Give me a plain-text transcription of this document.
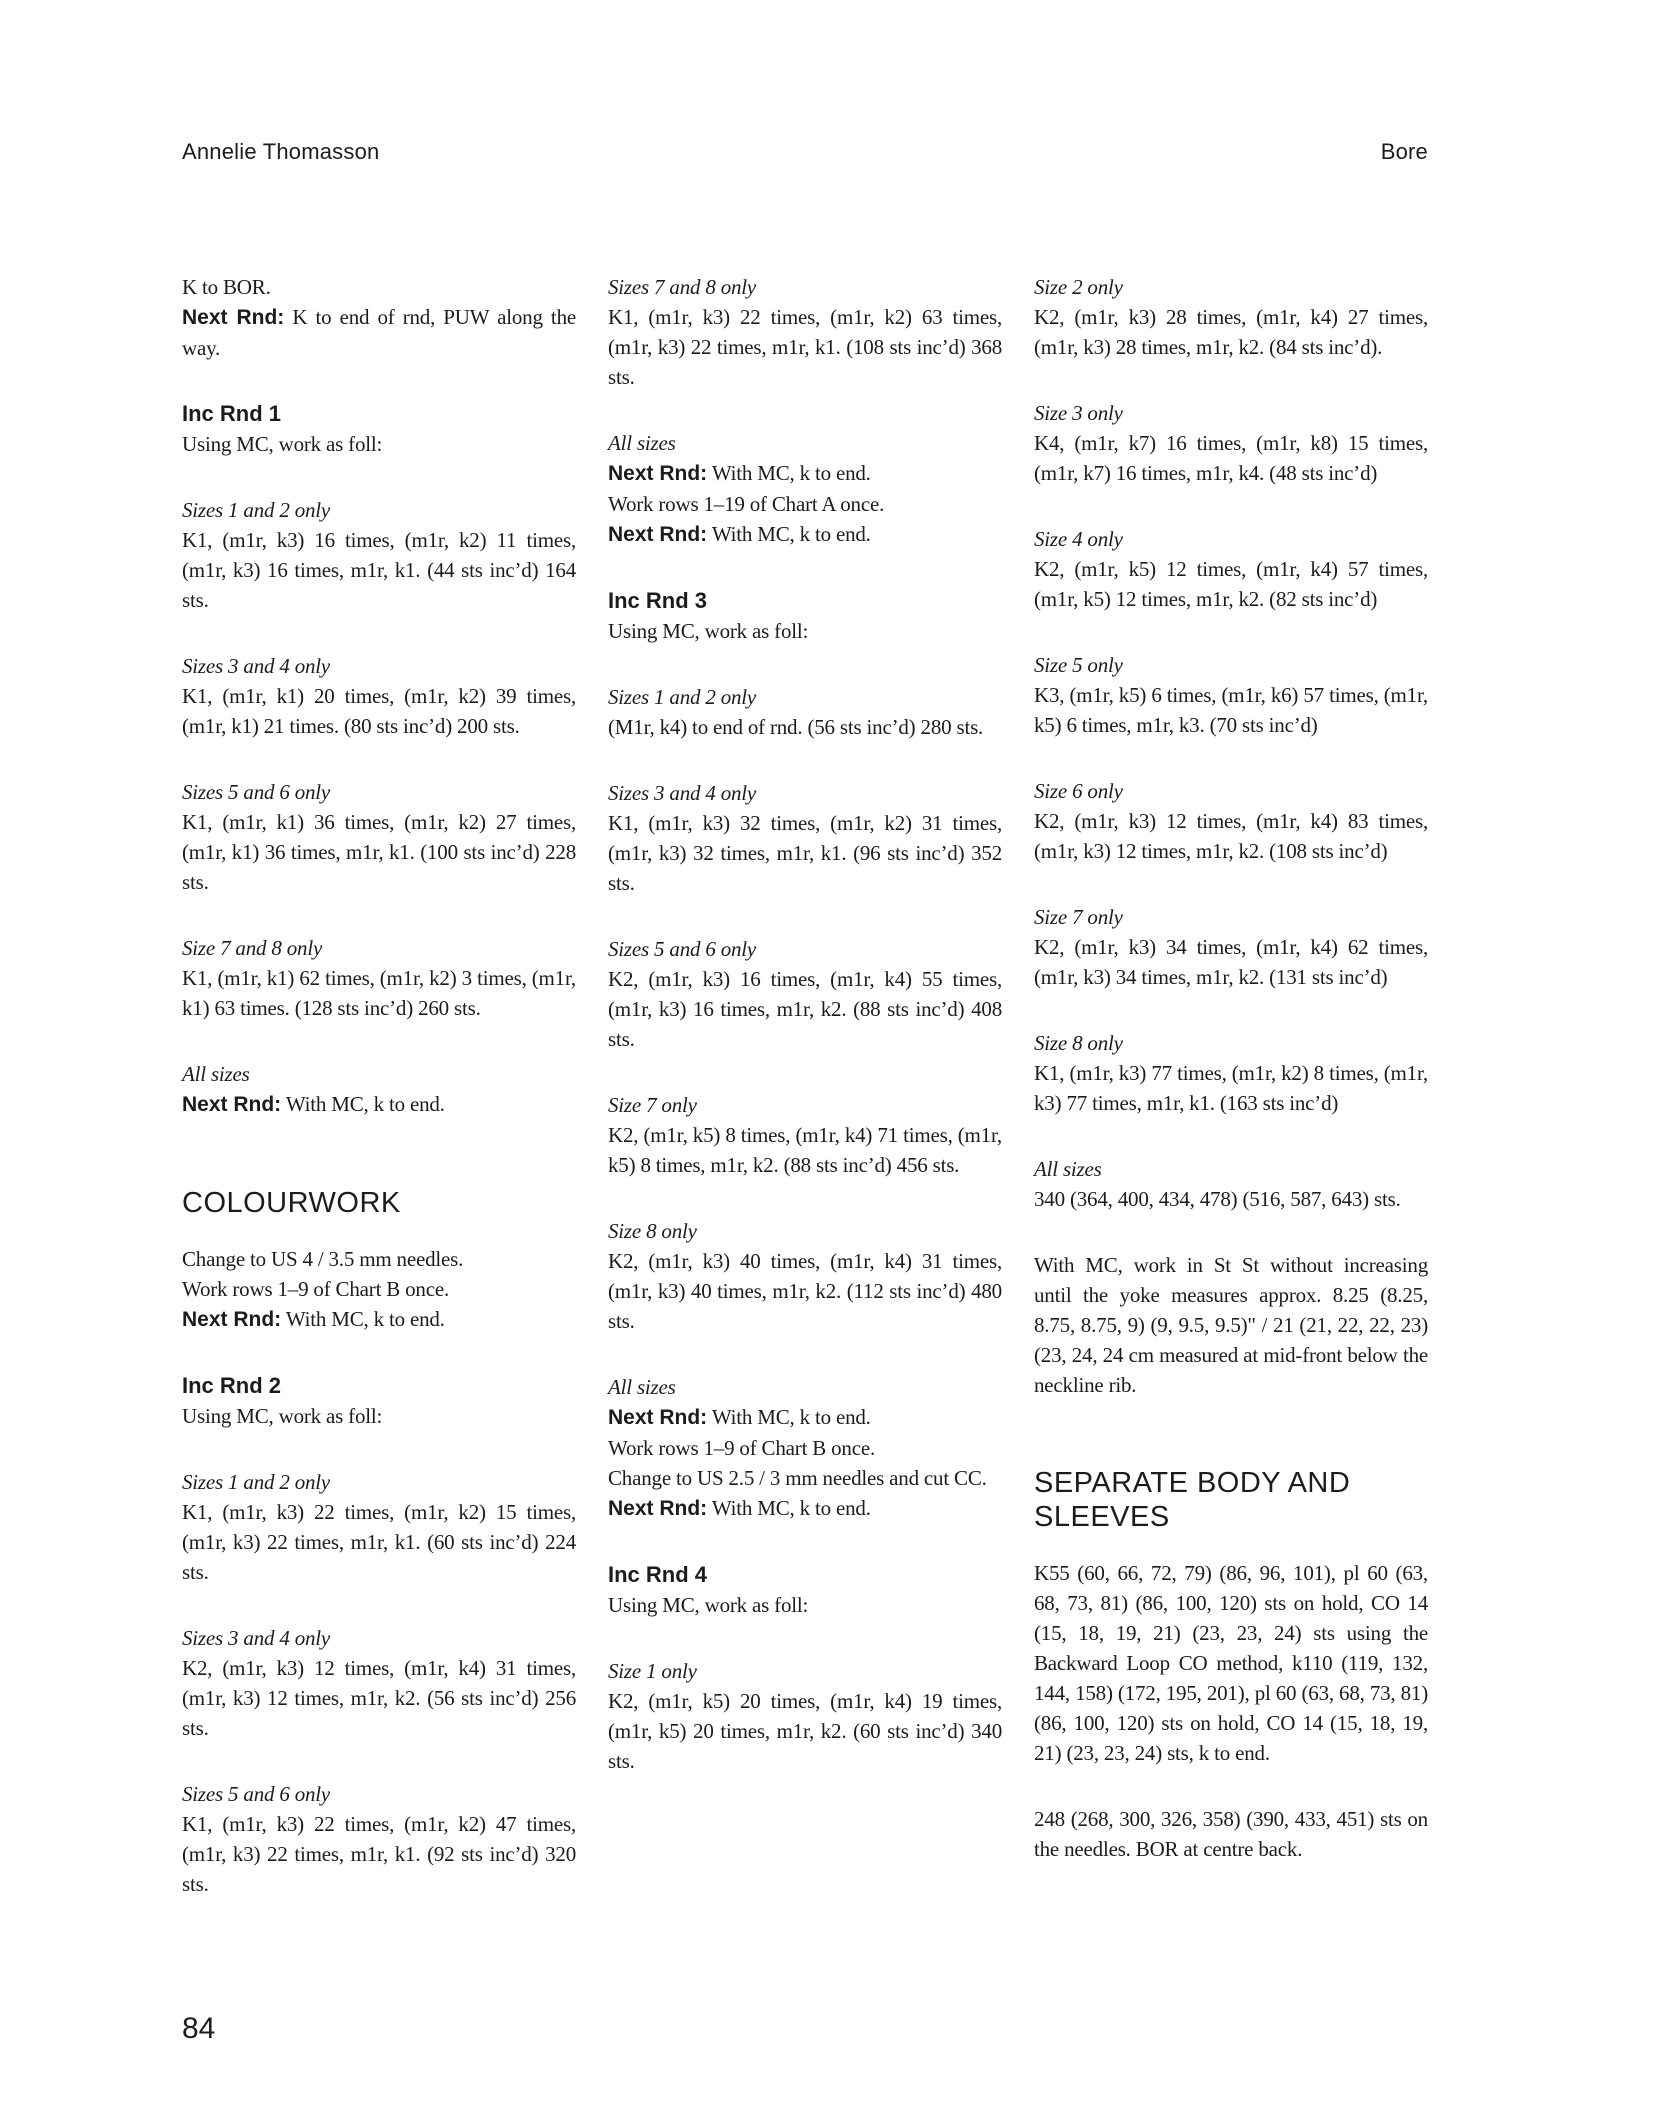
Annelie Thomasson	Bore
K to BOR.
Next Rnd: K to end of rnd, PUW along the way.
Inc Rnd 1
Using MC, work as foll:
Sizes 1 and 2 only
K1, (m1r, k3) 16 times, (m1r, k2) 11 times, (m1r, k3) 16 times, m1r, k1. (44 sts inc’d) 164 sts.
Sizes 3 and 4 only
K1, (m1r, k1) 20 times, (m1r, k2) 39 times, (m1r, k1) 21 times. (80 sts inc’d) 200 sts.
Sizes 5 and 6 only
K1, (m1r, k1) 36 times, (m1r, k2) 27 times, (m1r, k1) 36 times, m1r, k1. (100 sts inc’d) 228 sts.
Size 7 and 8 only
K1, (m1r, k1) 62 times, (m1r, k2) 3 times, (m1r, k1) 63 times. (128 sts inc’d) 260 sts.
All sizes
Next Rnd: With MC, k to end.
COLOURWORK
Change to US 4 / 3.5 mm needles.
Work rows 1–9 of Chart B once.
Next Rnd: With MC, k to end.
Inc Rnd 2
Using MC, work as foll:
Sizes 1 and 2 only
K1, (m1r, k3) 22 times, (m1r, k2) 15 times, (m1r, k3) 22 times, m1r, k1. (60 sts inc’d) 224 sts.
Sizes 3 and 4 only
K2, (m1r, k3) 12 times, (m1r, k4) 31 times, (m1r, k3) 12 times, m1r, k2. (56 sts inc’d) 256 sts.
Sizes 5 and 6 only
K1, (m1r, k3) 22 times, (m1r, k2) 47 times, (m1r, k3) 22 times, m1r, k1. (92 sts inc’d) 320 sts.
Sizes 7 and 8 only
K1, (m1r, k3) 22 times, (m1r, k2) 63 times, (m1r, k3) 22 times, m1r, k1. (108 sts inc’d) 368 sts.
All sizes
Next Rnd: With MC, k to end.
Work rows 1–19 of Chart A once.
Next Rnd: With MC, k to end.
Inc Rnd 3
Using MC, work as foll:
Sizes 1 and 2 only
(M1r, k4) to end of rnd. (56 sts inc’d) 280 sts.
Sizes 3 and 4 only
K1, (m1r, k3) 32 times, (m1r, k2) 31 times, (m1r, k3) 32 times, m1r, k1. (96 sts inc’d) 352 sts.
Sizes 5 and 6 only
K2, (m1r, k3) 16 times, (m1r, k4) 55 times, (m1r, k3) 16 times, m1r, k2. (88 sts inc’d) 408 sts.
Size 7 only
K2, (m1r, k5) 8 times, (m1r, k4) 71 times, (m1r, k5) 8 times, m1r, k2. (88 sts inc’d) 456 sts.
Size 8 only
K2, (m1r, k3) 40 times, (m1r, k4) 31 times, (m1r, k3) 40 times, m1r, k2. (112 sts inc’d) 480 sts.
All sizes
Next Rnd: With MC, k to end.
Work rows 1–9 of Chart B once.
Change to US 2.5 / 3 mm needles and cut CC.
Next Rnd: With MC, k to end.
Inc Rnd 4
Using MC, work as foll:
Size 1 only
K2, (m1r, k5) 20 times, (m1r, k4) 19 times, (m1r, k5) 20 times, m1r, k2. (60 sts inc’d) 340 sts.
Size 2 only
K2, (m1r, k3) 28 times, (m1r, k4) 27 times, (m1r, k3) 28 times, m1r, k2. (84 sts inc’d).
Size 3 only
K4, (m1r, k7) 16 times, (m1r, k8) 15 times, (m1r, k7) 16 times, m1r, k4. (48 sts inc’d)
Size 4 only
K2, (m1r, k5) 12 times, (m1r, k4) 57 times, (m1r, k5) 12 times, m1r, k2. (82 sts inc’d)
Size 5 only
K3, (m1r, k5) 6 times, (m1r, k6) 57 times, (m1r, k5) 6 times, m1r, k3. (70 sts inc’d)
Size 6 only
K2, (m1r, k3) 12 times, (m1r, k4) 83 times, (m1r, k3) 12 times, m1r, k2. (108 sts inc’d)
Size 7 only
K2, (m1r, k3) 34 times, (m1r, k4) 62 times, (m1r, k3) 34 times, m1r, k2. (131 sts inc’d)
Size 8 only
K1, (m1r, k3) 77 times, (m1r, k2) 8 times, (m1r, k3) 77 times, m1r, k1. (163 sts inc’d)
All sizes
340 (364, 400, 434, 478) (516, 587, 643) sts.
With MC, work in St St without increasing until the yoke measures approx. 8.25 (8.25, 8.75, 8.75, 9) (9, 9.5, 9.5)" / 21 (21, 22, 22, 23) (23, 24, 24 cm measured at mid-front below the neckline rib.
SEPARATE BODY AND SLEEVES
K55 (60, 66, 72, 79) (86, 96, 101), pl 60 (63, 68, 73, 81) (86, 100, 120) sts on hold, CO 14 (15, 18, 19, 21) (23, 23, 24) sts using the Backward Loop CO method, k110 (119, 132, 144, 158) (172, 195, 201), pl 60 (63, 68, 73, 81) (86, 100, 120) sts on hold, CO 14 (15, 18, 19, 21) (23, 23, 24) sts, k to end.
248 (268, 300, 326, 358) (390, 433, 451) sts on the needles. BOR at centre back.
84
